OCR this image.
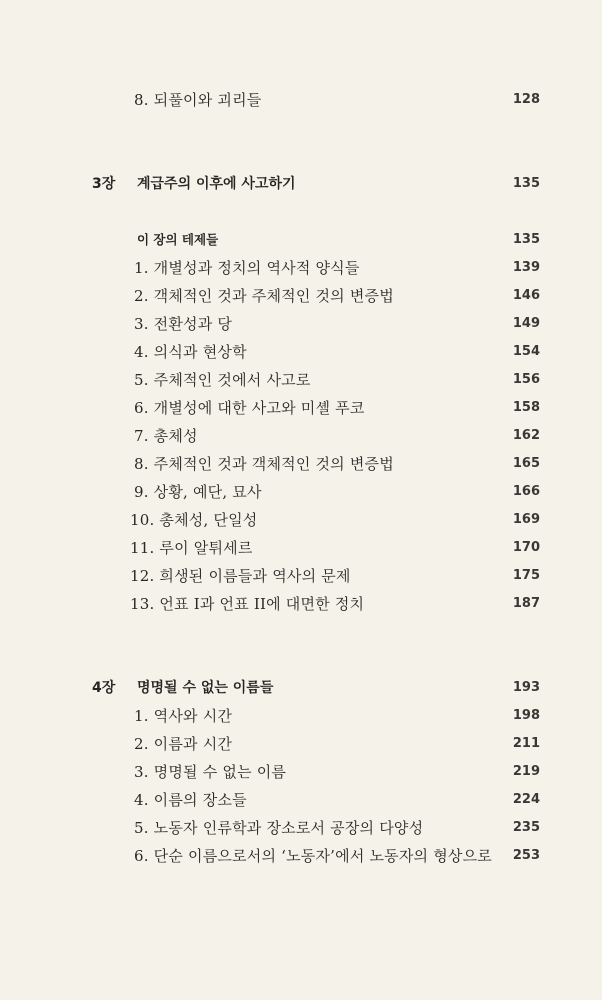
8. 되풀이와 괴리들	128
3장 계급주의 이후에 사고하기	135
이 장의 테제들	135
1. 개별성과 정치의 역사적 양식들	139
2. 객체적인 것과 주체적인 것의 변증법	146
3. 전환성과 당	149
4. 의식과 현상학	154
5. 주체적인 것에서 사고로	156
6. 개별성에 대한 사고와 미셸 푸코	158
7. 총체성	162
8. 주체적인 것과 객체적인 것의 변증법	165
9. 상황, 예단, 묘사	166
10. 총체성, 단일성	169
11. 루이 알튀세르	170
12. 희생된 이름들과 역사의 문제	175
13. 언표 I과 언표 II에 대면한 정치	187
4장 명명될 수 없는 이름들	193
1. 역사와 시간	198
2. 이름과 시간	211
3. 명명될 수 없는 이름	219
4. 이름의 장소들	224
5. 노동자 인류학과 장소로서 공장의 다양성	235
6. 단순 이름으로서의 ‘노동자’에서 노동자의 형상으로 253
